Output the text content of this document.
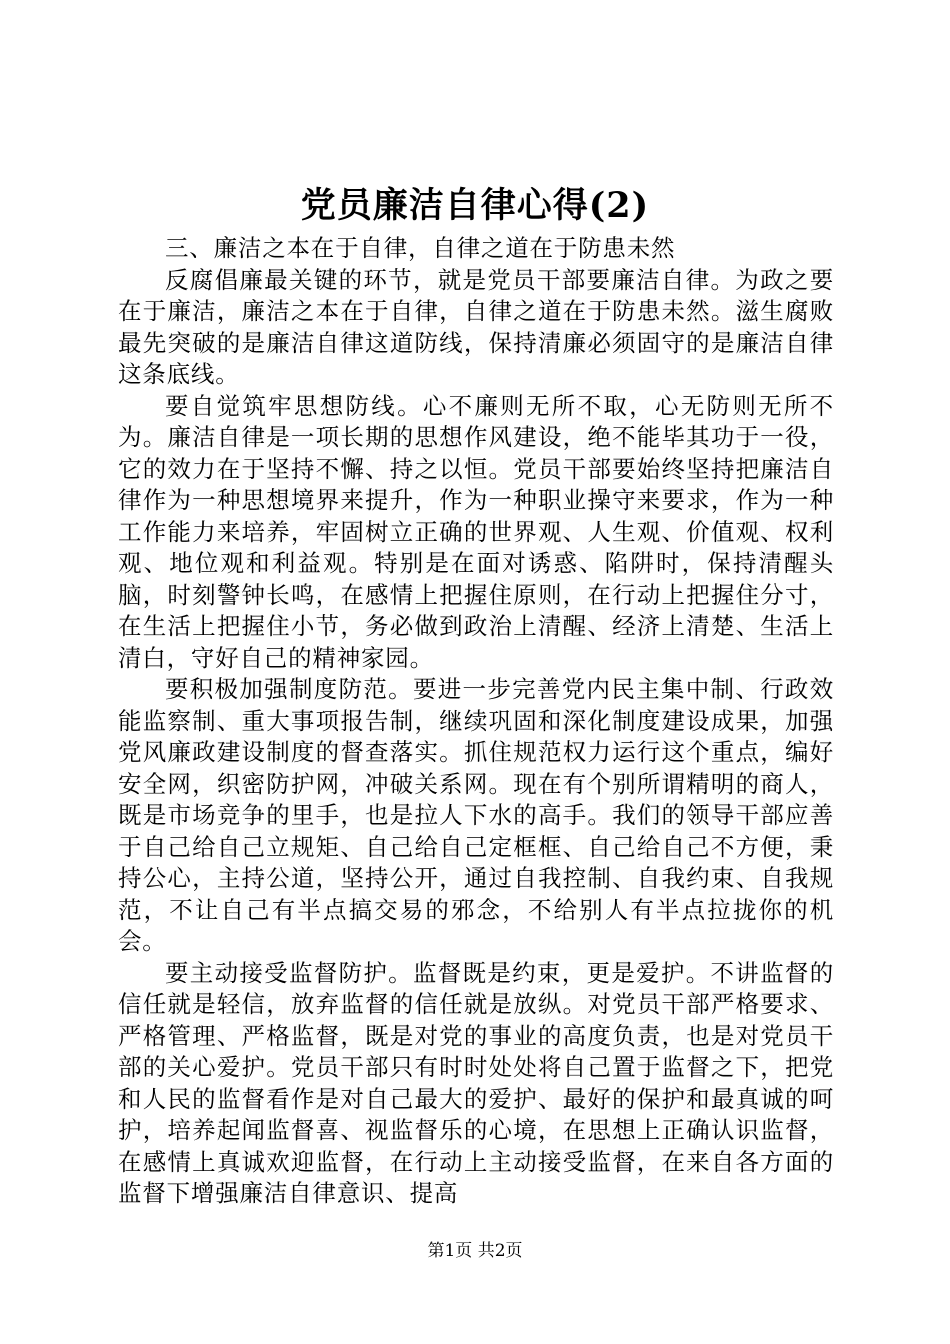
党员廉洁自律心得(2)

三、廉洁之本在于自律，自律之道在于防患未然

反腐倡廉最关键的环节，就是党员干部要廉洁自律。为政之要在于廉洁，廉洁之本在于自律，自律之道在于防患未然。滋生腐败最先突破的是廉洁自律这道防线，保持清廉必须固守的是廉洁自律这条底线。

要自觉筑牢思想防线。心不廉则无所不取，心无防则无所不为。廉洁自律是一项长期的思想作风建设，绝不能毕其功于一役，它的效力在于坚持不懈、持之以恒。党员干部要始终坚持把廉洁自律作为一种思想境界来提升，作为一种职业操守来要求，作为一种工作能力来培养，牢固树立正确的世界观、人生观、价值观、权利观、地位观和利益观。特别是在面对诱惑、陷阱时，保持清醒头脑，时刻警钟长鸣，在感情上把握住原则，在行动上把握住分寸，在生活上把握住小节，务必做到政治上清醒、经济上清楚、生活上清白，守好自己的精神家园。

要积极加强制度防范。要进一步完善党内民主集中制、行政效能监察制、重大事项报告制，继续巩固和深化制度建设成果，加强党风廉政建设制度的督查落实。抓住规范权力运行这个重点，编好安全网，织密防护网，冲破关系网。现在有个别所谓精明的商人，既是市场竞争的里手，也是拉人下水的高手。我们的领导干部应善于自己给自己立规矩、自己给自己定框框、自己给自己不方便，秉持公心，主持公道，坚持公开，通过自我控制、自我约束、自我规范，不让自己有半点搞交易的邪念，不给别人有半点拉拢你的机会。

要主动接受监督防护。监督既是约束，更是爱护。不讲监督的信任就是轻信，放弃监督的信任就是放纵。对党员干部严格要求、严格管理、严格监督，既是对党的事业的高度负责，也是对党员干部的关心爱护。党员干部只有时时处处将自己置于监督之下，把党和人民的监督看作是对自己最大的爱护、最好的保护和最真诚的呵护，培养起闻监督喜、视监督乐的心境，在思想上正确认识监督，在感情上真诚欢迎监督，在行动上主动接受监督，在来自各方面的监督下增强廉洁自律意识、提高

第1页 共2页
